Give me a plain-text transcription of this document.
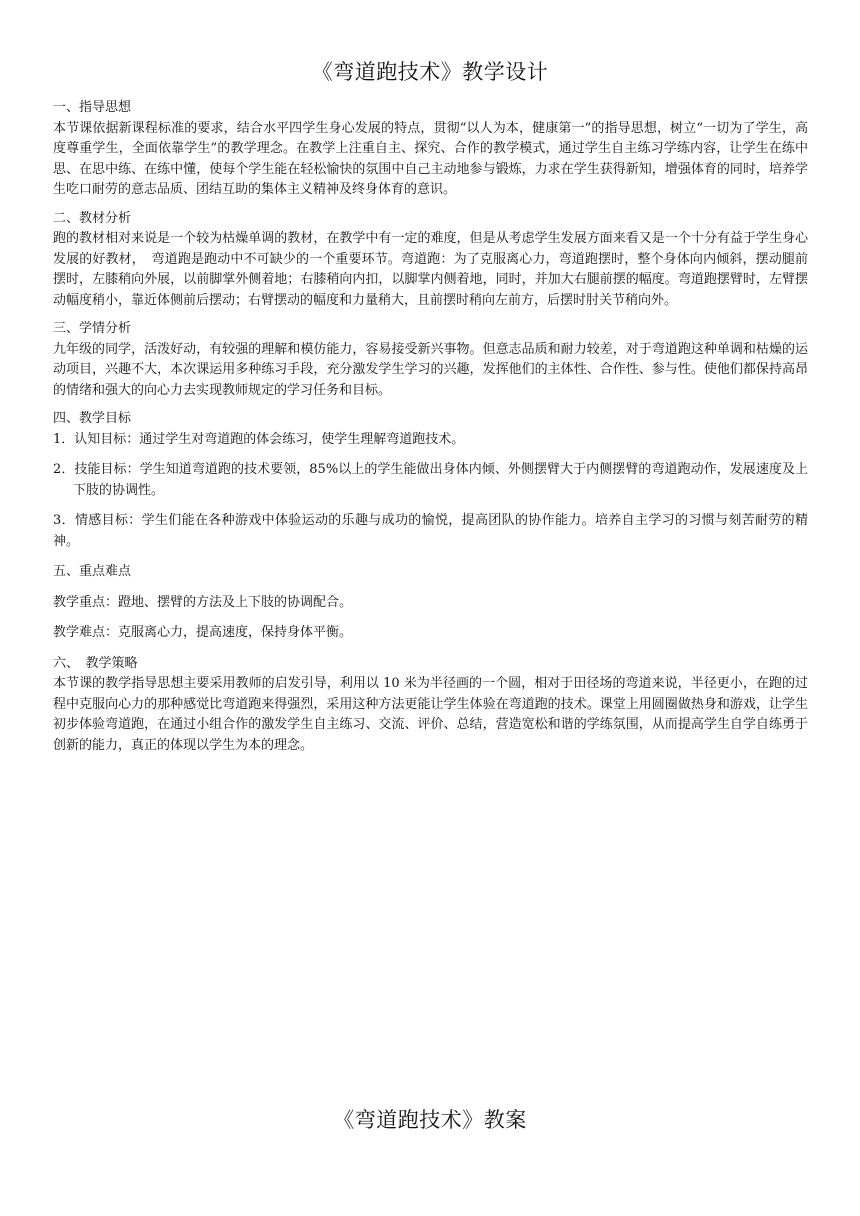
《弯道跑技术》教学设计

一、指导思想

本节课依据新课程标准的要求，结合水平四学生身心发展的特点，贯彻“以人为本，健康第一”的指导思想，树立“一切为了学生，高度尊重学生，全面依靠学生”的教学理念。在教学上注重自主、探究、合作的教学模式，通过学生自主练习学练内容，让学生在练中思、在思中练、在练中懂，使每个学生能在轻松愉快的氛围中自己主动地参与锻炼，力求在学生获得新知，增强体育的同时，培养学生吃口耐劳的意志品质、团结互助的集体主义精神及终身体育的意识。

二、教材分析

跑的教材相对来说是一个较为枯燥单调的教材，在教学中有一定的难度，但是从考虑学生发展方面来看又是一个十分有益于学生身心发展的好教材，　弯道跑是跑动中不可缺少的一个重要环节。弯道跑：为了克服离心力，弯道跑摆时，整个身体向内倾斜，摆动腿前摆时，左膝稍向外展，以前脚掌外侧着地；右膝稍向内扣，以脚掌内侧着地，同时，并加大右腿前摆的幅度。弯道跑摆臂时，左臂摆动幅度稍小，靠近体侧前后摆动；右臂摆动的幅度和力量稍大，且前摆时稍向左前方，后摆时肘关节稍向外。

三、学情分析

九年级的同学，活泼好动，有较强的理解和模仿能力，容易接受新兴事物。但意志品质和耐力较差，对于弯道跑这种单调和枯燥的运动项目，兴趣不大，本次课运用多种练习手段，充分激发学生学习的兴趣，发挥他们的主体性、合作性、参与性。使他们都保持高昂的情绪和强大的向心力去实现教师规定的学习任务和目标。

四、教学目标

1．认知目标：通过学生对弯道跑的体会练习，使学生理解弯道跑技术。

2．技能目标：学生知道弯道跑的技术要领，85%以上的学生能做出身体内倾、外侧摆臂大于内侧摆臂的弯道跑动作，发展速度及上下肢的协调性。

3．情感目标：学生们能在各种游戏中体验运动的乐趣与成功的愉悦，提高团队的协作能力。培养自主学习的习惯与刻苦耐劳的精神。

五、重点难点

教学重点：蹬地、摆臂的方法及上下肢的协调配合。

教学难点：克服离心力，提高速度，保持身体平衡。

六、　教学策略

本节课的教学指导思想主要采用教师的启发引导，利用以 10 米为半径画的一个圆，相对于田径场的弯道来说，半径更小，在跑的过程中克服向心力的那种感觉比弯道跑来得强烈，采用这种方法更能让学生体验在弯道跑的技术。课堂上用圆圈做热身和游戏，让学生初步体验弯道跑，在通过小组合作的激发学生自主练习、交流、评价、总结，营造宽松和谐的学练氛围，从而提高学生自学自练勇于创新的能力，真正的体现以学生为本的理念。

《弯道跑技术》教案
